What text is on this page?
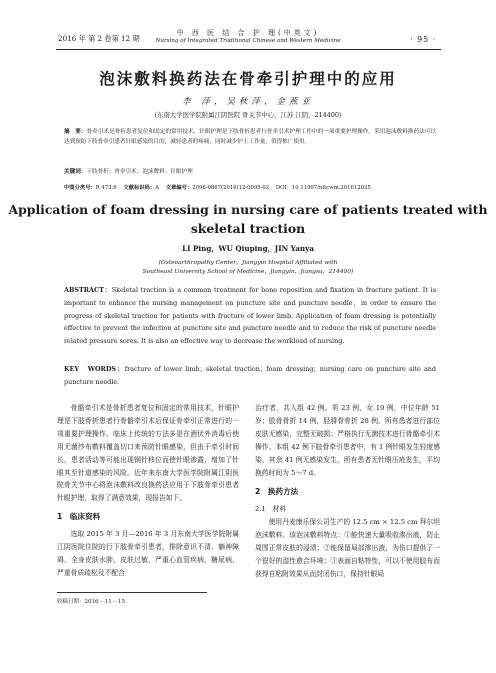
2016 年 第 2 卷第 12 期
中 西 医 结 合 护 理(中英文)
Nursing of Integrated Traditional Chinese and Western Medicine	· 95 ·
泡沫敷料换药法在骨牵引护理中的应用
李 萍，吴秋萍，金燕亚
(东南大学医学院附属江阴医院 骨关节中心，江苏 江阴，214400)
摘　要：骨牵引术是骨折患者复位和固定的常用技术，针眼护理是下肢骨折患者行骨牵引术护理工作中的一项重要护理操作。采用泡沫敷料换药法可以达到预防下肢骨牵引患者针眼感染的目的，减轻患者的疼痛，同时减少护士工作量，值得推广使用。
关键词：下肢骨折；骨牵引术；泡沫敷料；针眼护理
中图分类号：R 473.6 文献标识码：A 文章编号：2096-0867(2016)12-0095-02 DOI：10.11997/nitcwm.201612035
Application of foam dressing in nursing care of patients treated with skeletal traction
LI Ping，WU Qiuping，JIN Yanya
(Osteoarthropathy Center，Jiangyin Hospital Affiliated with
Southeast University School of Medicine，Jiangyin，Jiangsu，214400)
ABSTRACT：Skeletal traction is a common treatment for bone reposition and fixation in fracture patient. It is important to enhance the nursing management on puncture site and puncture needle，in order to ensure the progress of skeletal traction for patients with fracture of lower limb. Application of foam dressing is potentially effective to prevent the infection at puncture site and puncture needle and to reduce the risk of puncture needle related pressure sores. It is also an effective way to decrease the workload of nursing.
KEY　WORDS：fracture of lower limb；skeletal traction；foam dressing；nursing care on puncture site and puncture needle.

骨骼牵引术是骨折患者复位和固定的常用技术，针眼护理是下肢骨折患者行骨骼牵引术后保证骨牵引正常进行的一项重要护理操作。临床上传统的方法多是在酒伏外消毒后使用无菌纱布敷料覆盖切口来预防针眼感染，但由于牵引时间长，患者活动等可能出现钢针移位而使针眼渗露，增加了针眼其至针道感染的风险。近年来东南大学医学院附属江阴医院骨关节中心将泡沫敷料改良换药法应用于下肢骨牵引患者针眼护理，取得了满意效果，现报告如下。

1　临床资料

选取 2015 年 3 月—2016 年 3 月东南大学医学院附属江阴医院住院的行下肢骨牵引患者，排除意识不清、躺神障碍、全身皮肤水肿、皮肤过敏、严重心血管疾病、糖尿病、严重骨质疏松及不配合

治疗者，共入组 42 例。男 23 例，女 19 例，中位年龄 51 岁；股骨骨折 14 例，胫腓骨骨折 28 例。所有患者进行部位皮肤无感染，完整无破损；严格执行无菌技术进行骨骼牵引术操作。本组 42 例下肢骨牵引患者中，有 1 例针眼发生轻度感染，其余 41 例无感染发生，所有患者无针眼压疮发生，平均换药时间为 5～7 d。

2　换药方法
2.1　材料

使用丹麦康乐保公司生产的 12.5 cm × 12.5 cm 拜尔坦泡沫敷料。该泡沫敷料特点：①能快速大量吸收渗出液，防止周围正常皮肤的浸渍；②能保留局部渗出液，为伤口提供了一个很好的湿性愈合环境；③表面自粘特性，可以不使用胶布而获得自粘附效果从而封闭伤口，保持针眼局

收稿日期：2016 – 11 – 15
